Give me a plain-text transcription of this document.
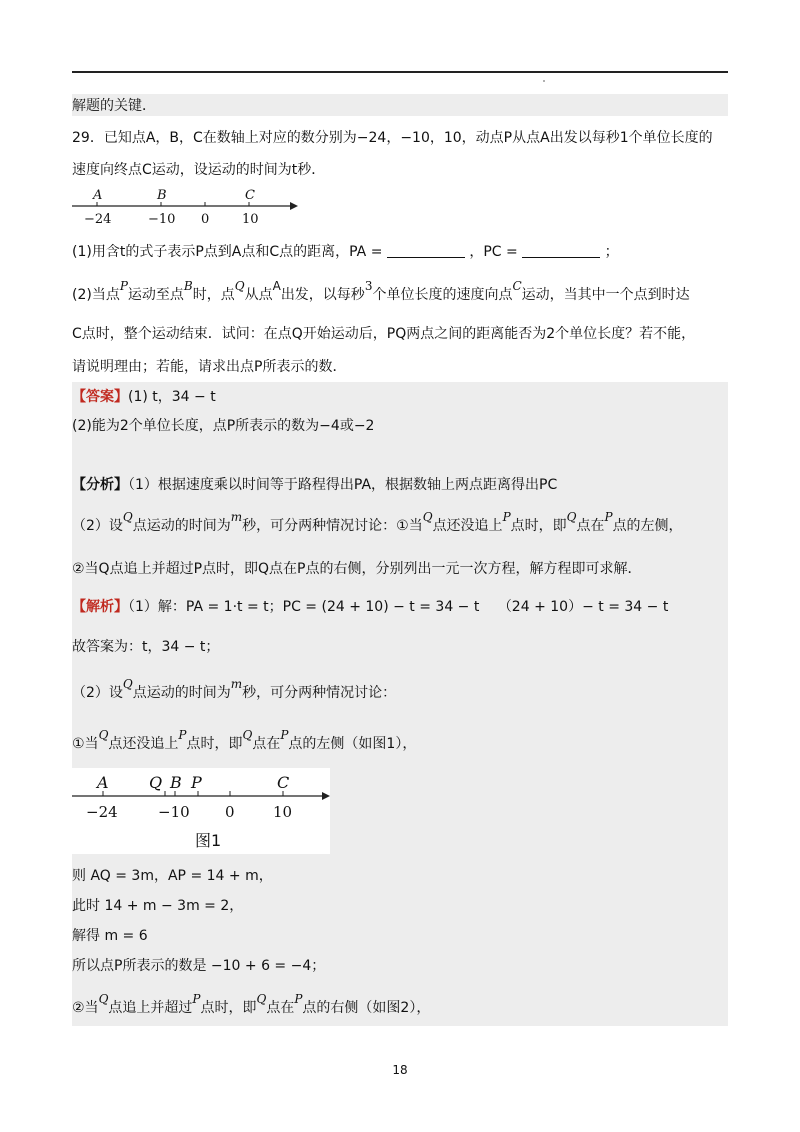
解题的关键．
29．已知点A，B，C在数轴上对应的数分别为−24，−10，10，动点P从点A出发以每秒1个单位长度的
速度向终点C运动，设运动的时间为t秒．
A	B	C
−24	−10 0	10
(1)用含t的式子表示P点到A点和C点的距离，PA =	，PC =	；
(2)当点P运动至点B时，点Q从点A出发，以每秒3个单位长度的速度向点C运动，当其中一个点到时达
C点时，整个运动结束．试问：在点Q开始运动后，PQ两点之间的距离能否为2个单位长度？若不能，
请说明理由；若能，请求出点P所表示的数．
【答案】(1) t，34 − t
(2)能为2个单位长度，点P所表示的数为−4或−2
【分析】（1）根据速度乘以时间等于路程得出PA，根据数轴上两点距离得出PC
（2）设Q点运动的时间为m秒，可分两种情况讨论：①当Q点还没追上P点时，即Q点在P点的左侧，
②当Q点追上并超过P点时，即Q点在P点的右侧，分别列出一元一次方程，解方程即可求解．
【解析】（1）解：PA = 1·t = t；PC = (24 + 10) − t = 34 − t （24 + 10）− t = 34 − t
故答案为：t，34 − t；
（2）设Q点运动的时间为m秒，可分两种情况讨论：
①当Q点还没追上P点时，即Q点在P点的左侧（如图1），
A	Q B P	C
−24	−10 0	10
图1
则 AQ = 3m，AP = 14 + m，
此时 14 + m − 3m = 2，
解得 m = 6
所以点P所表示的数是 −10 + 6 = −4；
②当Q点追上并超过P点时，即Q点在P点的右侧（如图2），
18
